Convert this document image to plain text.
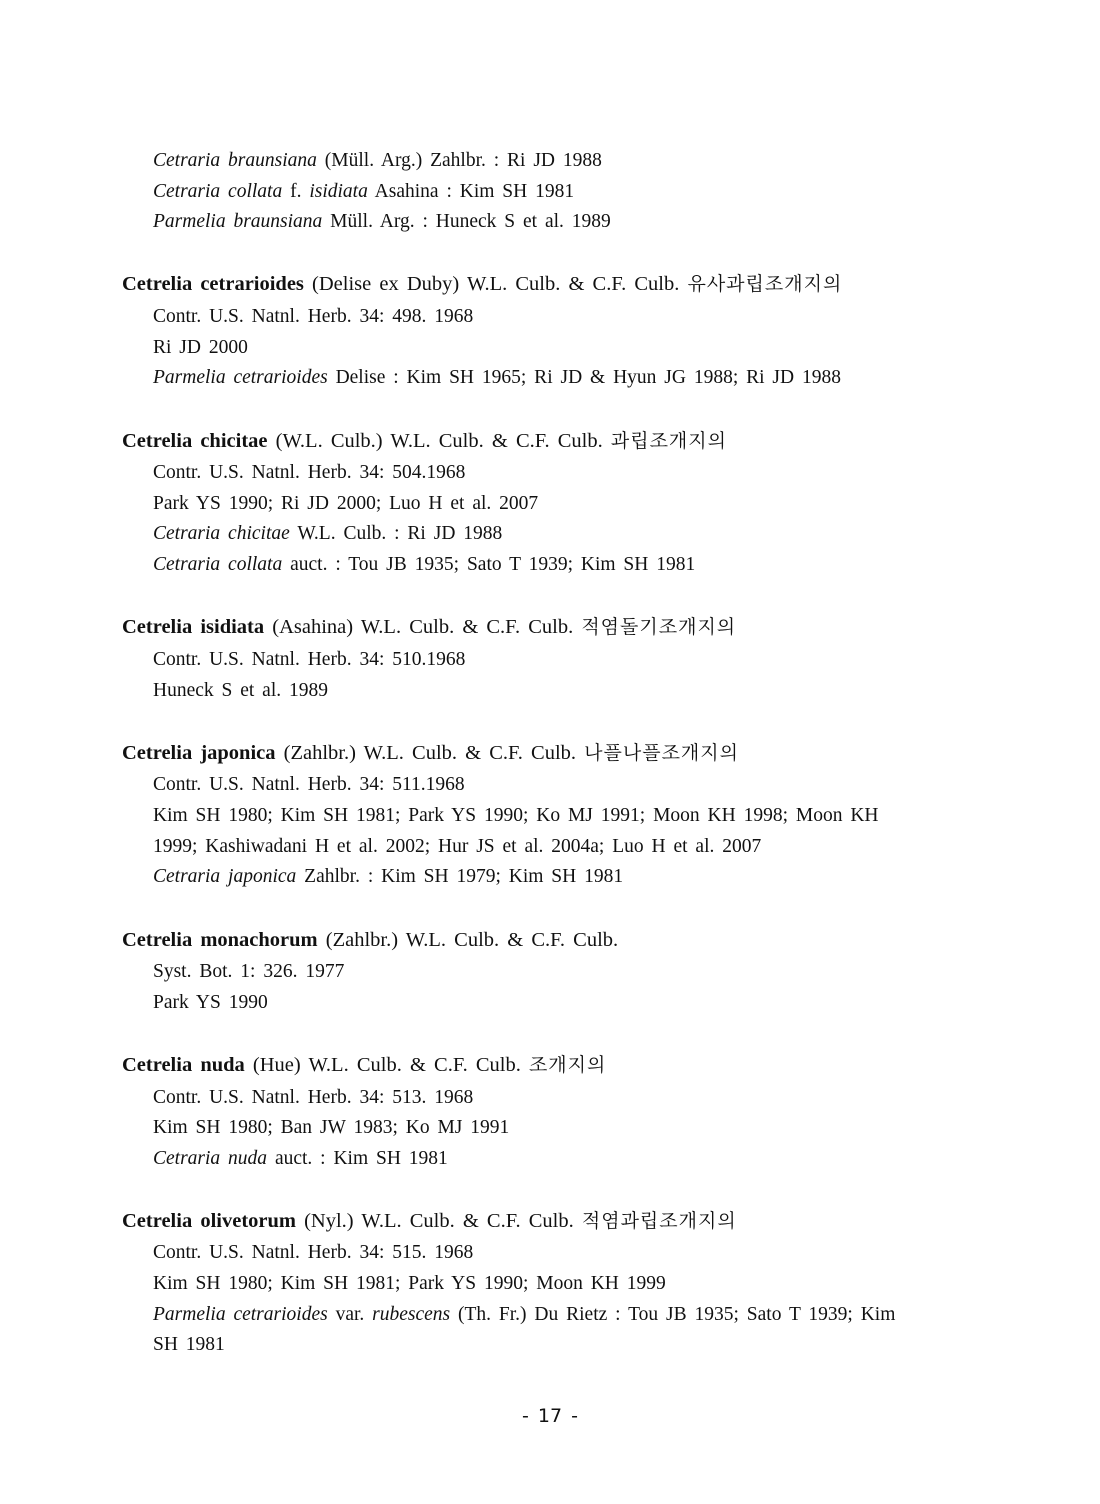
Cetraria braunsiana (Müll. Arg.) Zahlbr. : Ri JD 1988
Cetraria collata f. isidiata Asahina : Kim SH 1981
Parmelia braunsiana Müll. Arg. : Huneck S et al. 1989
Cetrelia cetrarioides (Delise ex Duby) W.L. Culb. & C.F. Culb. 유사과립조개지의
Contr. U.S. Natnl. Herb. 34: 498. 1968
Ri JD 2000
Parmelia cetrarioides Delise : Kim SH 1965; Ri JD & Hyun JG 1988; Ri JD 1988
Cetrelia chicitae (W.L. Culb.) W.L. Culb. & C.F. Culb. 과립조개지의
Contr. U.S. Natnl. Herb. 34: 504.1968
Park YS 1990; Ri JD 2000; Luo H et al. 2007
Cetraria chicitae W.L. Culb. : Ri JD 1988
Cetraria collata auct. : Tou JB 1935; Sato T 1939; Kim SH 1981
Cetrelia isidiata (Asahina) W.L. Culb. & C.F. Culb. 적염돌기조개지의
Contr. U.S. Natnl. Herb. 34: 510.1968
Huneck S et al. 1989
Cetrelia japonica (Zahlbr.) W.L. Culb. & C.F. Culb. 나플나플조개지의
Contr. U.S. Natnl. Herb. 34: 511.1968
Kim SH 1980; Kim SH 1981; Park YS 1990; Ko MJ 1991; Moon KH 1998; Moon KH
1999; Kashiwadani H et al. 2002; Hur JS et al. 2004a; Luo H et al. 2007
Cetraria japonica Zahlbr. : Kim SH 1979; Kim SH 1981
Cetrelia monachorum (Zahlbr.) W.L. Culb. & C.F. Culb.
Syst. Bot. 1: 326. 1977
Park YS 1990
Cetrelia nuda (Hue) W.L. Culb. & C.F. Culb. 조개지의
Contr. U.S. Natnl. Herb. 34: 513. 1968
Kim SH 1980; Ban JW 1983; Ko MJ 1991
Cetraria nuda auct. : Kim SH 1981
Cetrelia olivetorum (Nyl.) W.L. Culb. & C.F. Culb. 적염과립조개지의
Contr. U.S. Natnl. Herb. 34: 515. 1968
Kim SH 1980; Kim SH 1981; Park YS 1990; Moon KH 1999
Parmelia cetrarioides var. rubescens (Th. Fr.) Du Rietz : Tou JB 1935; Sato T 1939; Kim
SH 1981
- 17 -
